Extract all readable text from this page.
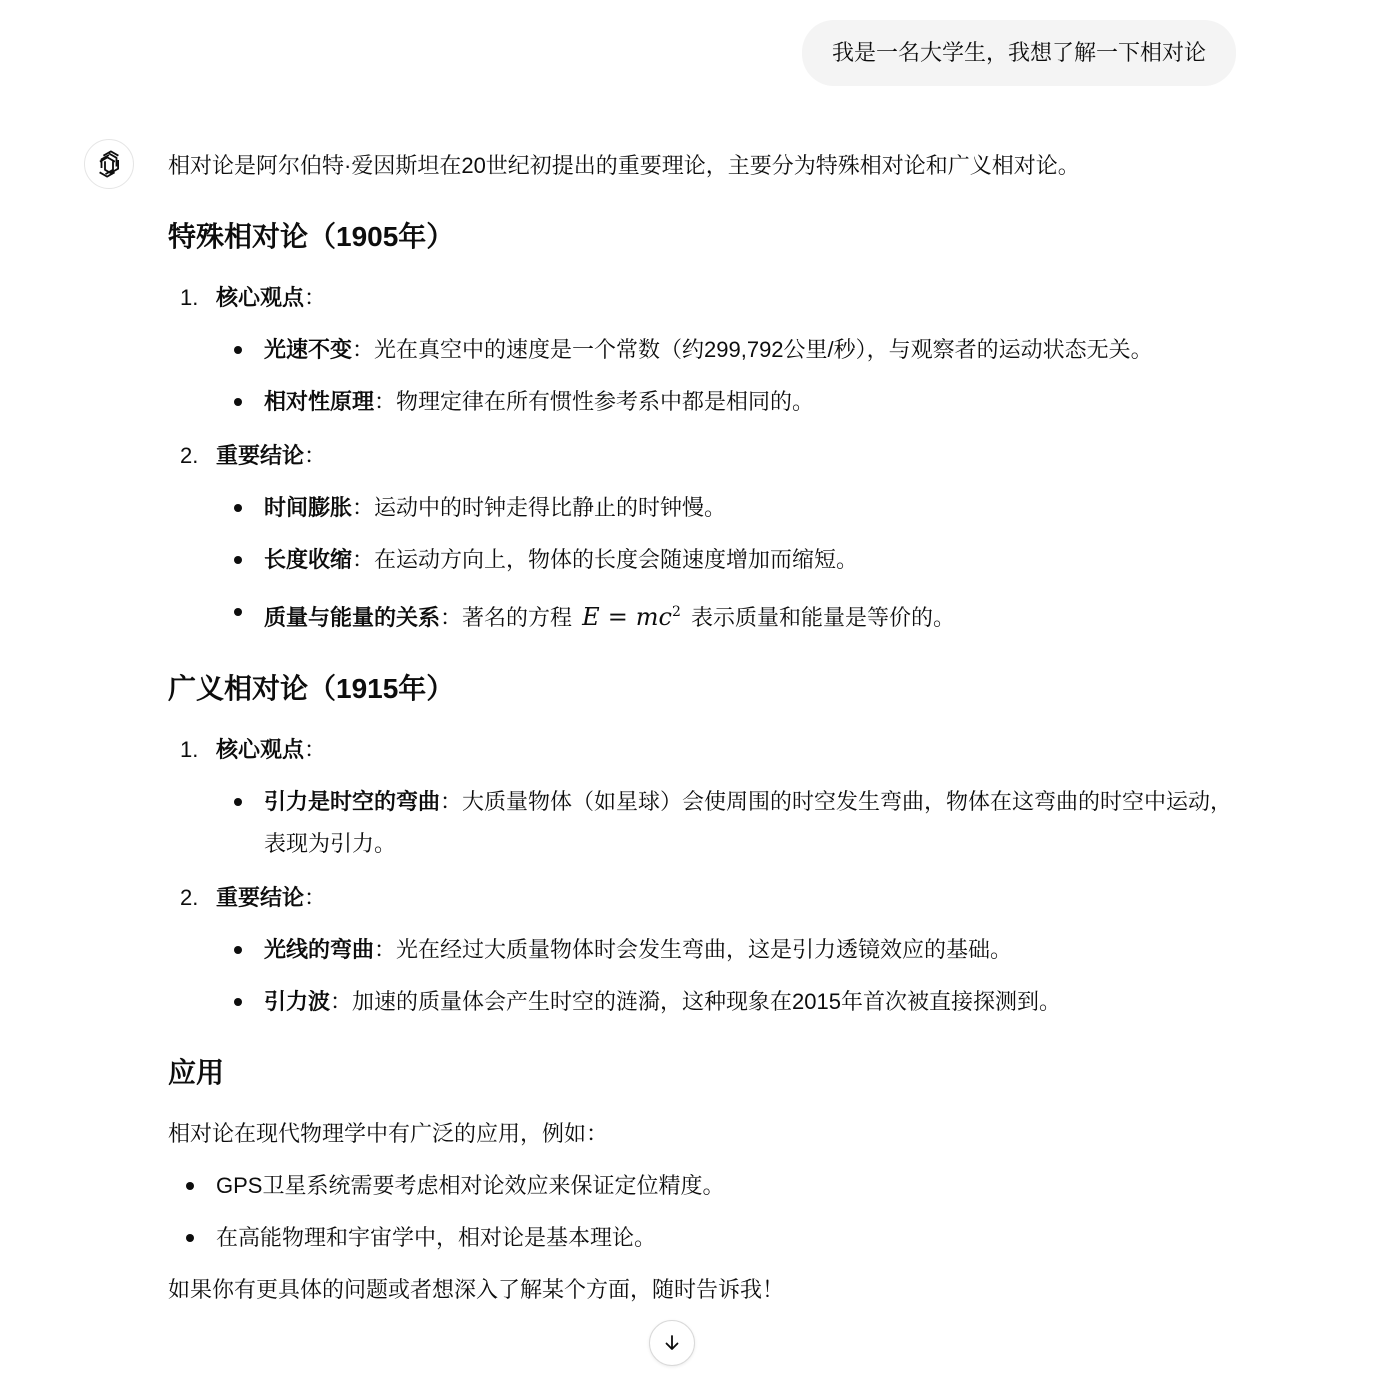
我是一名大学生，我想了解一下相对论

相对论是阿尔伯特·爱因斯坦在20世纪初提出的重要理论，主要分为特殊相对论和广义相对论。

特殊相对论（1905年）
1. 核心观点：
光速不变：光在真空中的速度是一个常数（约299,792公里/秒），与观察者的运动状态无关。
相对性原理：物理定律在所有惯性参考系中都是相同的。
2. 重要结论：
时间膨胀：运动中的时钟走得比静止的时钟慢。
长度收缩：在运动方向上，物体的长度会随速度增加而缩短。
质量与能量的关系：著名的方程 $E = mc^2$ 表示质量和能量是等价的。
广义相对论（1915年）
1. 核心观点：
引力是时空的弯曲：大质量物体（如星球）会使周围的时空发生弯曲，物体在这弯曲的时空中运动，表现为引力。
2. 重要结论：
光线的弯曲：光在经过大质量物体时会发生弯曲，这是引力透镜效应的基础。
引力波：加速的质量体会产生时空的涟漪，这种现象在2015年首次被直接探测到。
应用

相对论在现代物理学中有广泛的应用，例如：

GPS卫星系统需要考虑相对论效应来保证定位精度。
在高能物理和宇宙学中，相对论是基本理论。

如果你有更具体的问题或者想深入了解某个方面，随时告诉我！
